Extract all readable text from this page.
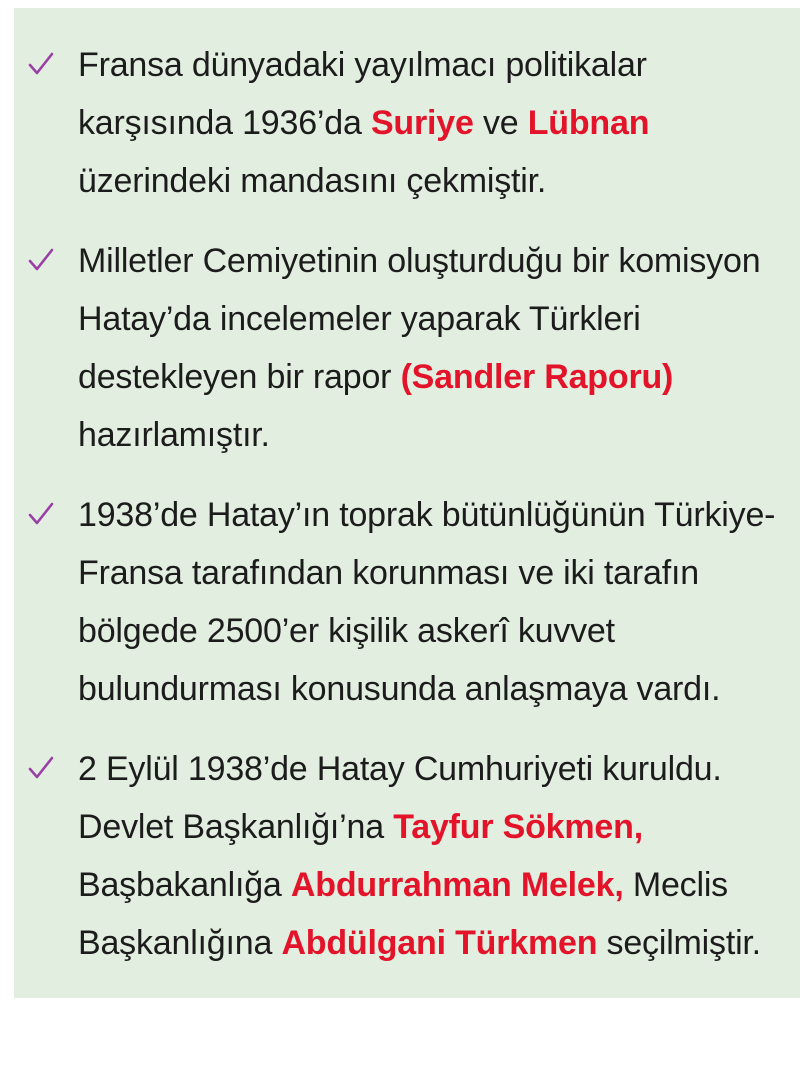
Fransa dünyadaki yayılmacı politikalar karşısında 1936’da Suriye ve Lübnan üzerindeki mandasını çekmiştir.
Milletler Cemiyetinin oluşturduğu bir komisyon Hatay’da incelemeler yaparak Türkleri destekleyen bir rapor (Sandler Raporu) hazırlamıştır.
1938’de Hatay’ın toprak bütünlüğünün Türkiye-Fransa tarafından korunması ve iki tarafın bölgede 2500’er kişilik askerî kuvvet bulundurması konusunda anlaşmaya vardı.
2 Eylül 1938’de Hatay Cumhuriyeti kuruldu. Devlet Başkanlığı’na Tayfur Sökmen, Başbakanlığa Abdurrahman Melek, Meclis Başkanlığına Abdülgani Türkmen seçilmiştir.
